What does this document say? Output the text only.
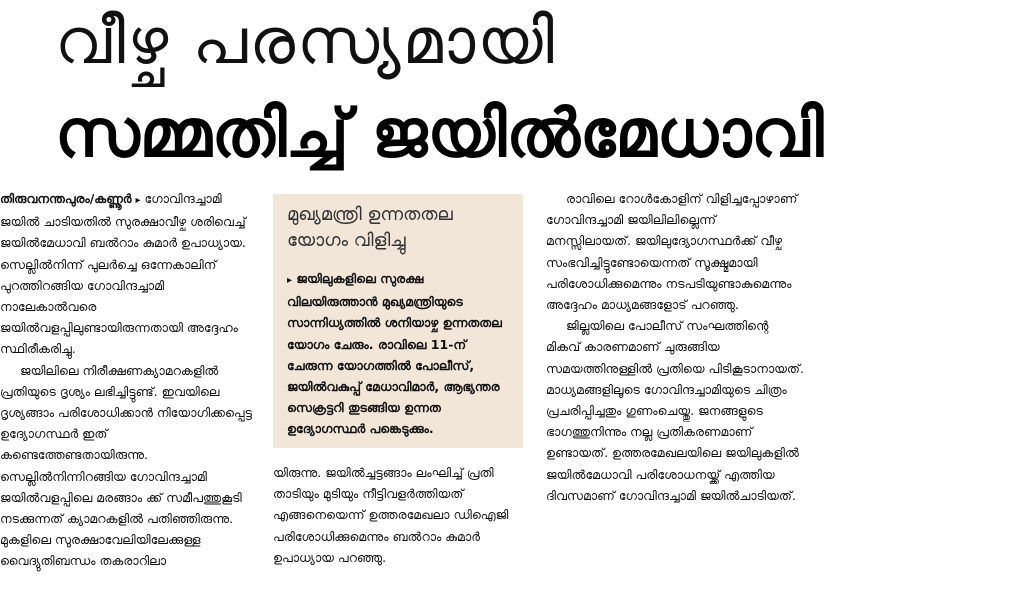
വീഴ്ച പരസ്യമായി
സമ്മതിച്ച് ജയിൽമേധാവി

തിരുവനന്തപുരം/കണ്ണൂർ ▸ ഗോവിന്ദച്ചാമി ജയിൽ ചാടിയതിൽ സുരക്ഷാവീഴ്ച ശരിവെച്ച് ജയിൽമേധാവി ബൽറാം കുമാർ ഉപാധ്യായ. സെല്ലിൽനിന്ന് പുലർച്ചെ ഒന്നേകാലിന് പുറത്തിറങ്ങിയ ഗോവിന്ദച്ചാമി നാലേകാൽവരെ ജയിൽവളപ്പിലുണ്ടായിരുന്നതായി അദ്ദേഹം സ്ഥിരീകരിച്ചു.

ജയിലിലെ നിരീക്ഷണക്യാമറകളിൽ പ്രതിയുടെ ദൃശ്യം ലഭിച്ചിട്ടുണ്ട്. ഇവയിലെ ദൃശ്യങ്ങാം പരിശോധിക്കാൻ നിയോഗിക്കപ്പെട്ട ഉദ്യോഗസ്ഥർ ഇത് കണ്ടെത്തേണ്ടതായിരുന്നു. സെല്ലിൽനിന്നിറങ്ങിയ ഗോവിന്ദച്ചാമി ജയിൽവളപ്പിലെ മരങ്ങാം ക്ക് സമീപത്തുകൂടി നടക്കുന്നത് ക്യാമറകളിൽ പതിഞ്ഞിരുന്നു. മുകളിലെ സുരക്ഷാവേലിയിലേക്കുള്ള വൈദ്യുതിബന്ധം തകരാറിലാ

മുഖ്യമന്ത്രി ഉന്നതതല യോഗം വിളിച്ചു
▸ ജയിലുകളിലെ സുരക്ഷ വിലയിരുത്താൻ മുഖ്യമന്ത്രിയുടെ സാന്നിധ്യത്തിൽ ശനിയാഴ്ച ഉന്നതതല യോഗം ചേരും. രാവിലെ 11-ന് ചേരുന്ന യോഗത്തിൽ പോലീസ്, ജയിൽവകുപ്പ് മേധാവിമാർ, ആഭ്യന്തര സെക്രട്ടറി തുടങ്ങിയ ഉന്നത ഉദ്യോഗസ്ഥർ പങ്കെടുക്കും.

യിരുന്നു. ജയിൽച്ചട്ടങ്ങാം ലംഘിച്ച് പ്രതി താടിയും മുടിയും നീട്ടിവളർത്തിയത് എങ്ങനെയെന്ന് ഉത്തരമേഖലാ ഡിഐജി പരിശോധിക്കുമെന്നും ബൽറാം കുമാർ ഉപാധ്യായ പറഞ്ഞു.

രാവിലെ റോൾകോളിന് വിളിച്ചപ്പോഴാണ് ഗോവിന്ദച്ചാമി ജയിലിലില്ലെന്ന് മനസ്സിലായത്. ജയിലുദ്യോഗസ്ഥർക്ക് വീഴ്ച സംഭവിച്ചിട്ടുണ്ടോയെന്നത് സൂക്ഷ്മമായി പരിശോധിക്കുമെന്നും നടപടിയുണ്ടാകുമെന്നും അദ്ദേഹം മാധ്യമങ്ങളോട് പറഞ്ഞു.

ജില്ലയിലെ പോലീസ് സംഘത്തിന്റെ മികവ് കാരണമാണ് ചുരുങ്ങിയ സമയത്തിനുള്ളിൽ പ്രതിയെ പിടികൂടാനായത്. മാധ്യമങ്ങളിലൂടെ ഗോവിന്ദച്ചാമിയുടെ ചിത്രം പ്രചരിപ്പിച്ചതും ഗുണംചെയ്തു. ജനങ്ങളുടെ ഭാഗത്തുനിന്നും നല്ല പ്രതികരണമാണ് ഉണ്ടായത്. ഉത്തരമേഖലയിലെ ജയിലുകളിൽ ജയിൽമേധാവി പരിശോധനയ്ക്ക് എത്തിയ ദിവസമാണ് ഗോവിന്ദച്ചാമി ജയിൽചാടിയത്.
